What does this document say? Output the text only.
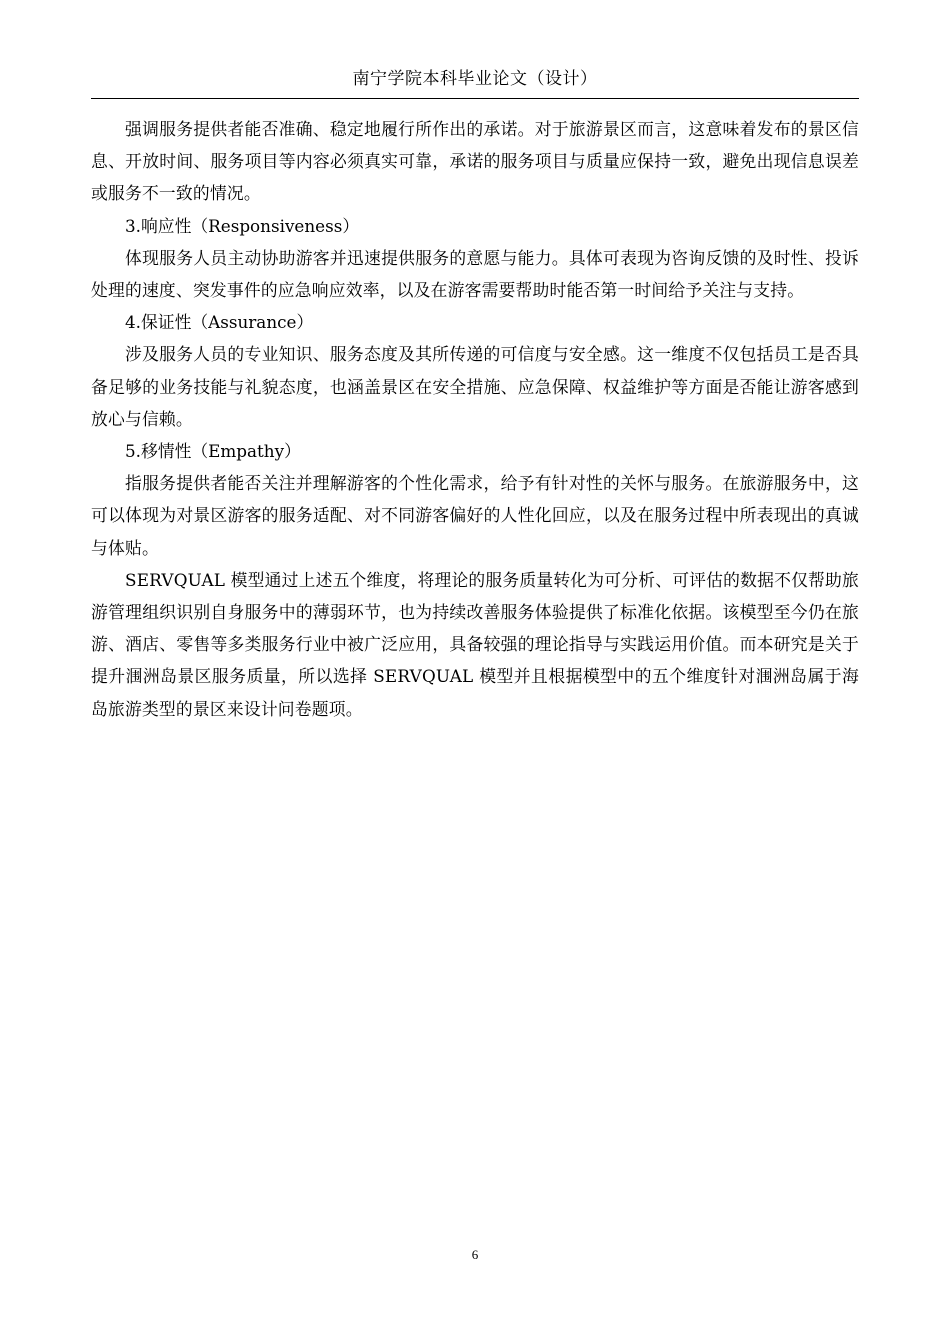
南宁学院本科毕业论文（设计）

强调服务提供者能否准确、稳定地履行所作出的承诺。对于旅游景区而言，这意味着发布的景区信息、开放时间、服务项目等内容必须真实可靠，承诺的服务项目与质量应保持一致，避免出现信息误差或服务不一致的情况。

3.响应性（Responsiveness）

体现服务人员主动协助游客并迅速提供服务的意愿与能力。具体可表现为咨询反馈的及时性、投诉处理的速度、突发事件的应急响应效率，以及在游客需要帮助时能否第一时间给予关注与支持。

4.保证性（Assurance）

涉及服务人员的专业知识、服务态度及其所传递的可信度与安全感。这一维度不仅包括员工是否具备足够的业务技能与礼貌态度，也涵盖景区在安全措施、应急保障、权益维护等方面是否能让游客感到放心与信赖。

5.移情性（Empathy）

指服务提供者能否关注并理解游客的个性化需求，给予有针对性的关怀与服务。在旅游服务中，这可以体现为对景区游客的服务适配、对不同游客偏好的人性化回应，以及在服务过程中所表现出的真诚与体贴。

SERVQUAL 模型通过上述五个维度，将理论的服务质量转化为可分析、可评估的数据不仅帮助旅游管理组织识别自身服务中的薄弱环节，也为持续改善服务体验提供了标准化依据。该模型至今仍在旅游、酒店、零售等多类服务行业中被广泛应用，具备较强的理论指导与实践运用价值。而本研究是关于提升涠洲岛景区服务质量，所以选择 SERVQUAL 模型并且根据模型中的五个维度针对涠洲岛属于海岛旅游类型的景区来设计问卷题项。

6
